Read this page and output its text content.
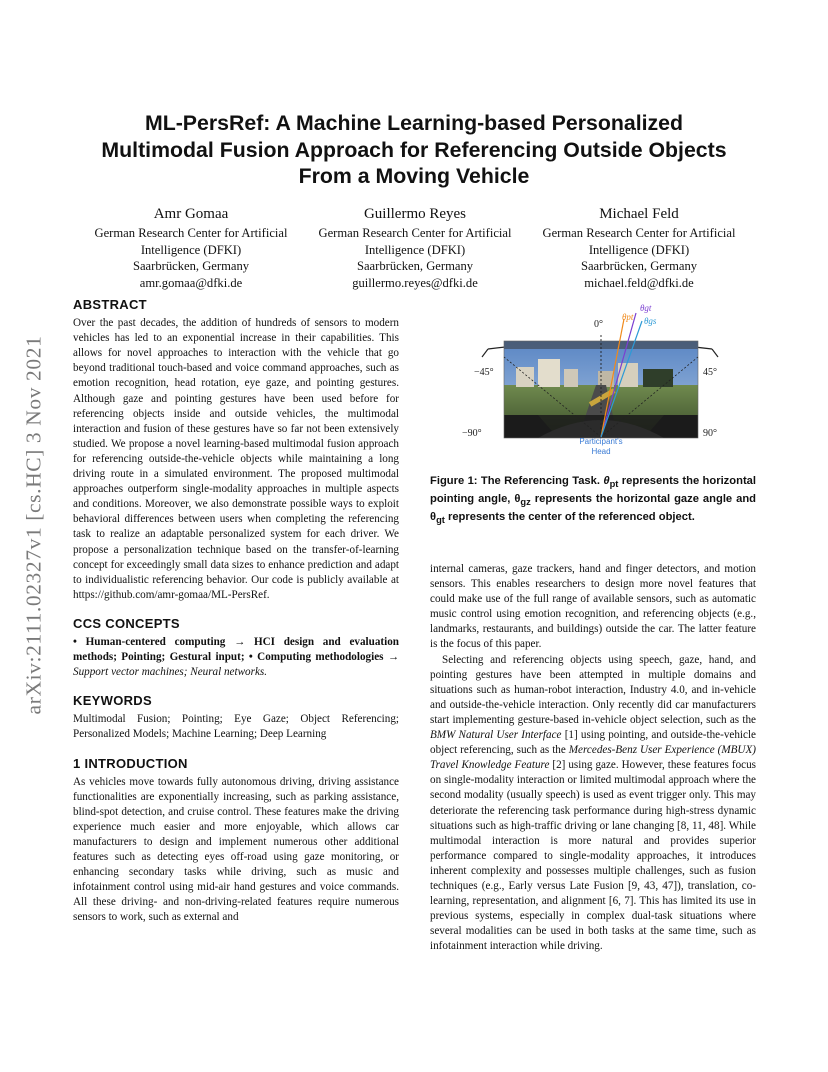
arXiv:2111.02327v1 [cs.HC] 3 Nov 2021
ML-PersRef: A Machine Learning-based Personalized
Multimodal Fusion Approach for Referencing Outside Objects
From a Moving Vehicle
Amr Gomaa
German Research Center for Artificial
Intelligence (DFKI)
Saarbrücken, Germany
amr.gomaa@dfki.de
Guillermo Reyes
German Research Center for Artificial
Intelligence (DFKI)
Saarbrücken, Germany
guillermo.reyes@dfki.de
Michael Feld
German Research Center for Artificial
Intelligence (DFKI)
Saarbrücken, Germany
michael.feld@dfki.de
ABSTRACT

Over the past decades, the addition of hundreds of sensors to modern vehicles has led to an exponential increase in their capabilities. This allows for novel approaches to interaction with the vehicle that go beyond traditional touch-based and voice command approaches, such as emotion recognition, head rotation, eye gaze, and pointing gestures. Although gaze and pointing gestures have been used before for referencing objects inside and outside vehicles, the multimodal interaction and fusion of these gestures have so far not been extensively studied. We propose a novel learning-based multimodal fusion approach for referencing outside-the-vehicle objects while maintaining a long driving route in a simulated environment. The proposed multimodal approaches outperform single-modality approaches in multiple aspects and conditions. Moreover, we also demonstrate possible ways to exploit behavioral differences between users when completing the referencing task to realize an adaptable personalized system for each driver. We propose a personalization technique based on the transfer-of-learning concept for exceedingly small data sizes to enhance prediction and adapt to individualistic referencing behavior. Our code is publicly available at https://github.com/amr-gomaa/ML-PersRef.

CCS CONCEPTS

• Human-centered computing → HCI design and evaluation methods; Pointing; Gestural input; • Computing methodologies → Support vector machines; Neural networks.

KEYWORDS

Multimodal Fusion; Pointing; Eye Gaze; Object Referencing; Personalized Models; Machine Learning; Deep Learning

1 INTRODUCTION

As vehicles move towards fully autonomous driving, driving assistance functionalities are exponentially increasing, such as parking assistance, blind-spot detection, and cruise control. These features make the driving experience much easier and more enjoyable, which allows car manufacturers to design and implement numerous other additional features such as detecting eyes off-road using gaze monitoring, or enhancing secondary tasks while driving, such as music and infotainment control using mid-air hand gestures and voice commands. All these driving- and non-driving-related features require numerous sensors to work, such as external and

0°
−45°	45°
−90°	90°
θgt
θpt θgs
Participant's
Head
Figure 1: The Referencing Task. $\theta_{pt}$ represents the horizontal pointing angle, $\theta_{gz}$ represents the horizontal gaze angle and $\theta_{gt}$ represents the center of the referenced object.

internal cameras, gaze trackers, hand and finger detectors, and motion sensors. This enables researchers to design more novel features that could make use of the full range of available sensors, such as automatic music control using emotion recognition, and referencing objects (e.g., landmarks, restaurants, and buildings) outside the car. The latter feature is the focus of this paper.

Selecting and referencing objects using speech, gaze, hand, and pointing gestures have been attempted in multiple domains and situations such as human-robot interaction, Industry 4.0, and in-vehicle and outside-the-vehicle interaction. Only recently did car manufacturers start implementing gesture-based in-vehicle object selection, such as the BMW Natural User Interface [1] using pointing, and outside-the-vehicle object referencing, such as the Mercedes-Benz User Experience (MBUX) Travel Knowledge Feature [2] using gaze. However, these features focus on single-modality interaction or limited multimodal approach where the second modality (usually speech) is used as event trigger only. This may deteriorate the referencing task performance during high-stress dynamic situations such as high-traffic driving or lane changing [8, 11, 48]. While multimodal interaction is more natural and provides superior performance compared to single-modality approaches, it introduces inherent complexity and possesses multiple challenges, such as fusion techniques (e.g., Early versus Late Fusion [9, 43, 47]), translation, co-learning, representation, and alignment [6, 7]. This has limited its use in previous systems, especially in complex dual-task situations where several modalities can be used in both tasks at the same time, such as infotainment interaction while driving.
